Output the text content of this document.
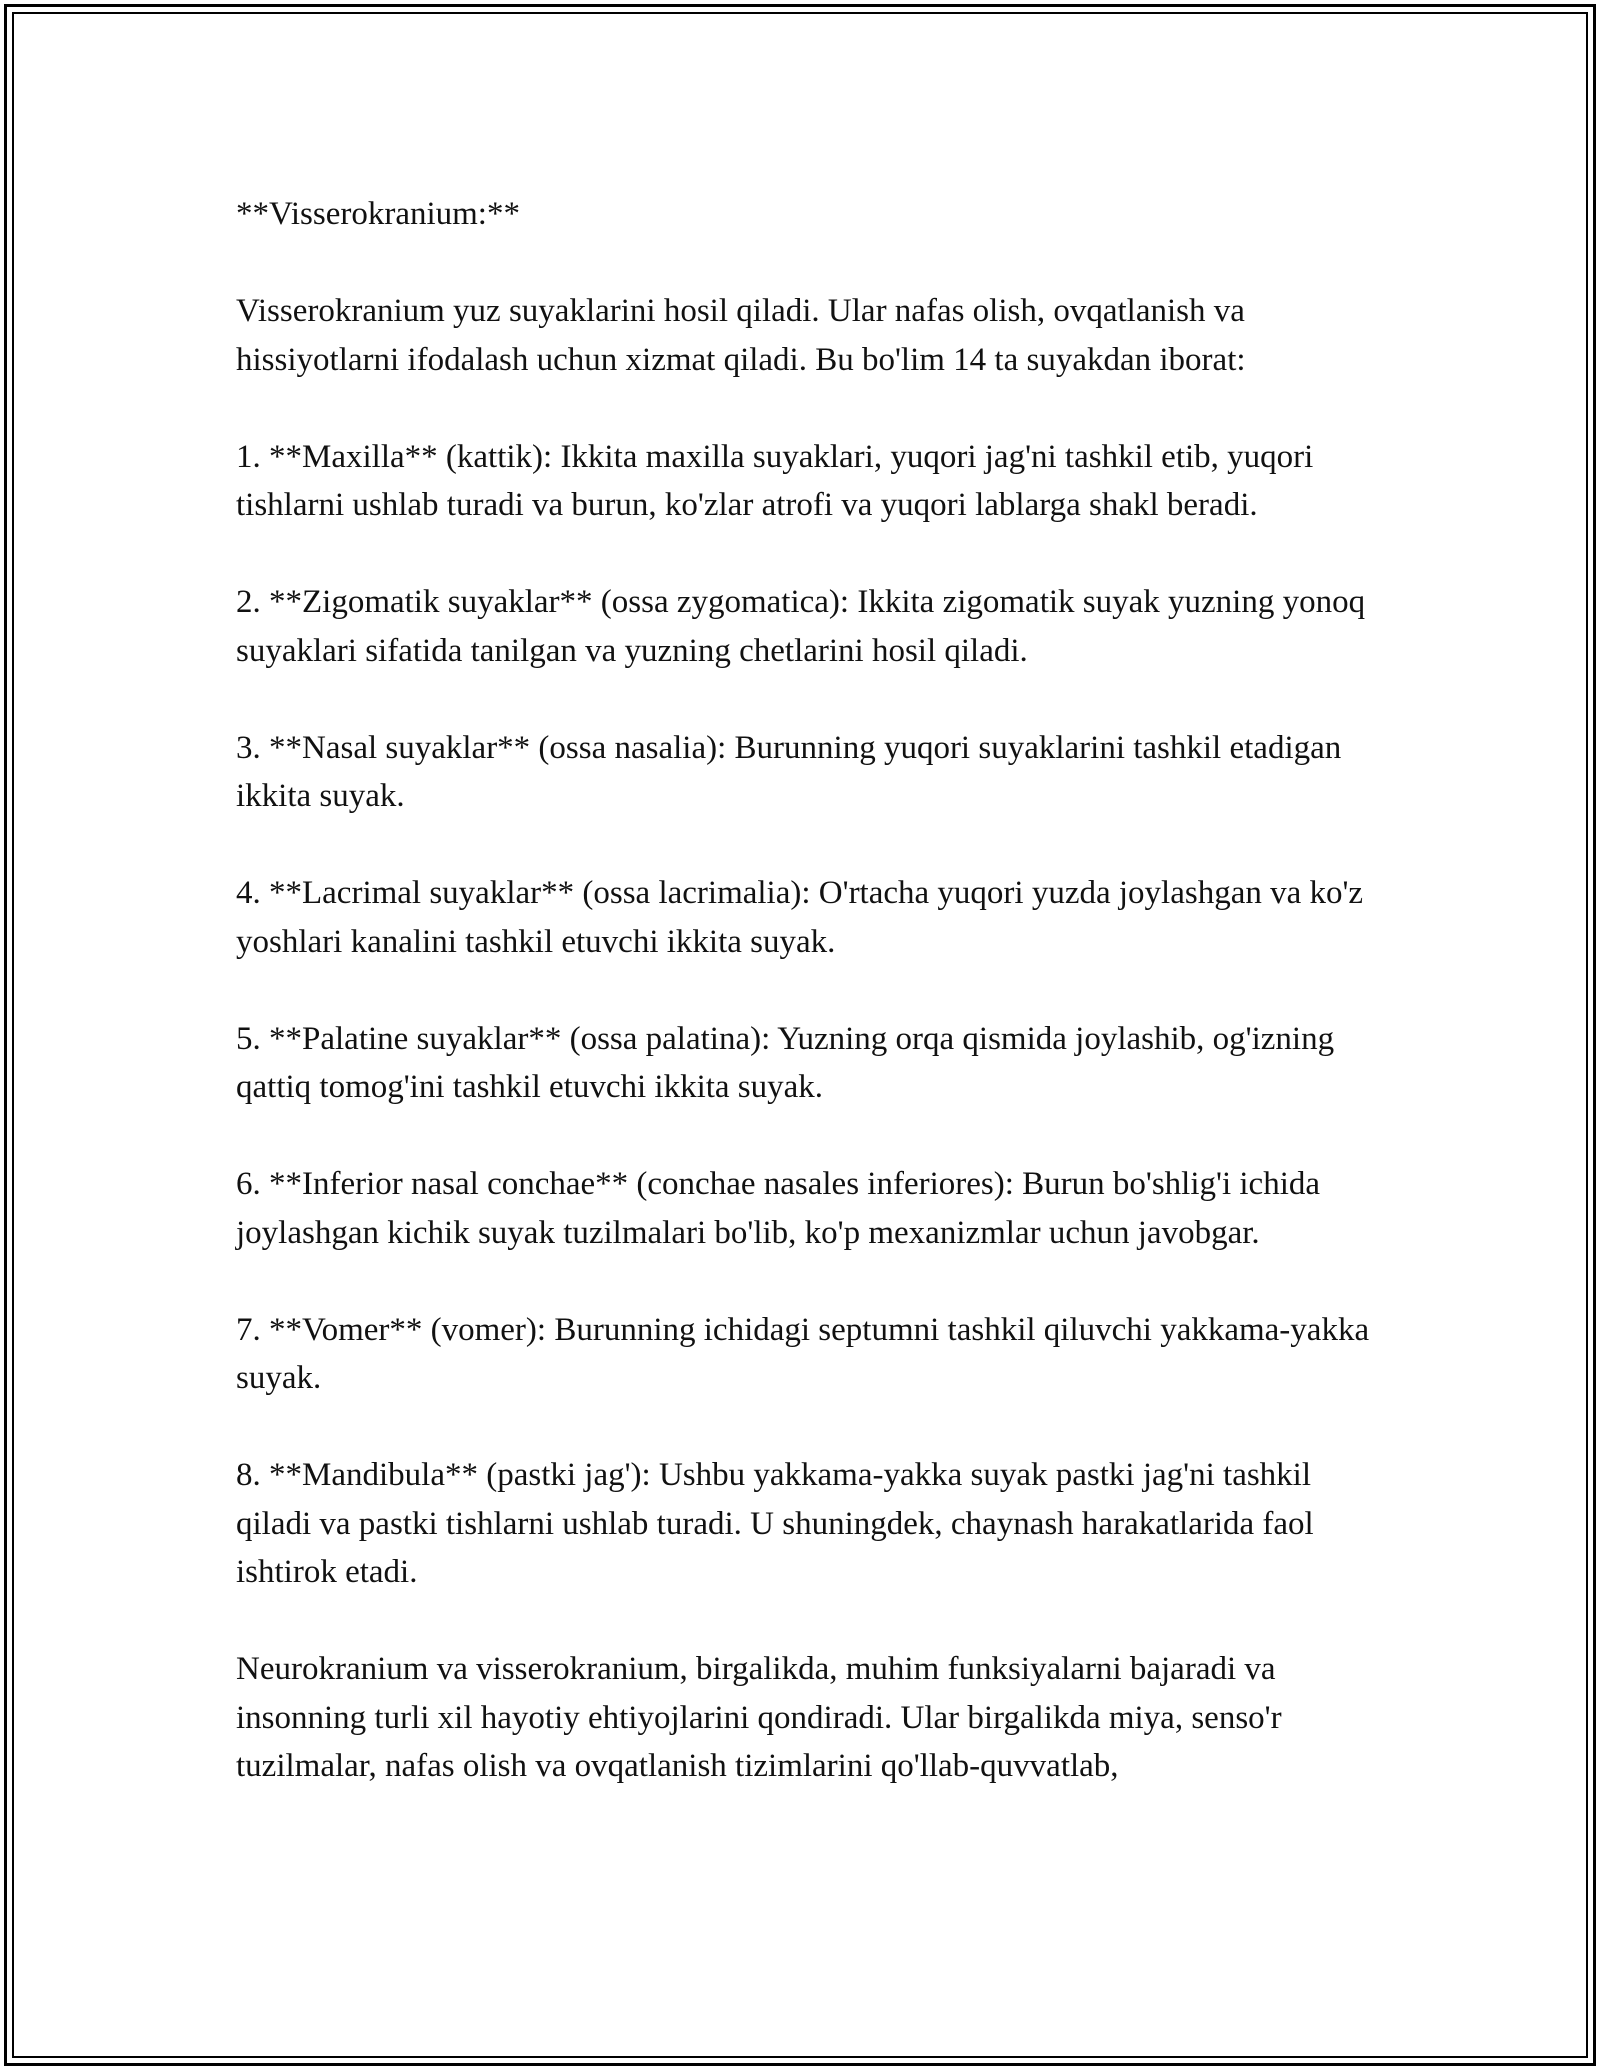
**Visserokranium:**

Visserokranium yuz suyaklarini hosil qiladi. Ular nafas olish, ovqatlanish va hissiyotlarni ifodalash uchun xizmat qiladi. Bu bo'lim 14 ta suyakdan iborat:

1. **Maxilla** (kattik): Ikkita maxilla suyaklari, yuqori jag'ni tashkil etib, yuqori tishlarni ushlab turadi va burun, ko'zlar atrofi va yuqori lablarga shakl beradi.

2. **Zigomatik suyaklar** (ossa zygomatica): Ikkita zigomatik suyak yuzning yonoq suyaklari sifatida tanilgan va yuzning chetlarini hosil qiladi.

3. **Nasal suyaklar** (ossa nasalia): Burunning yuqori suyaklarini tashkil etadigan ikkita suyak.

4. **Lacrimal suyaklar** (ossa lacrimalia): O'rtacha yuqori yuzda joylashgan va ko'z yoshlari kanalini tashkil etuvchi ikkita suyak.

5. **Palatine suyaklar** (ossa palatina): Yuzning orqa qismida joylashib, og'izning qattiq tomog'ini tashkil etuvchi ikkita suyak.

6. **Inferior nasal conchae** (conchae nasales inferiores): Burun bo'shlig'i ichida joylashgan kichik suyak tuzilmalari bo'lib, ko'p mexanizmlar uchun javobgar.

7. **Vomer** (vomer): Burunning ichidagi septumni tashkil qiluvchi yakkama-yakka suyak.

8. **Mandibula** (pastki jag'): Ushbu yakkama-yakka suyak pastki jag'ni tashkil qiladi va pastki tishlarni ushlab turadi. U shuningdek, chaynash harakatlarida faol ishtirok etadi.

Neurokranium va visserokranium, birgalikda, muhim funksiyalarni bajaradi va insonning turli xil hayotiy ehtiyojlarini qondiradi. Ular birgalikda miya, senso'r tuzilmalar, nafas olish va ovqatlanish tizimlarini qo'llab-quvvatlab,
